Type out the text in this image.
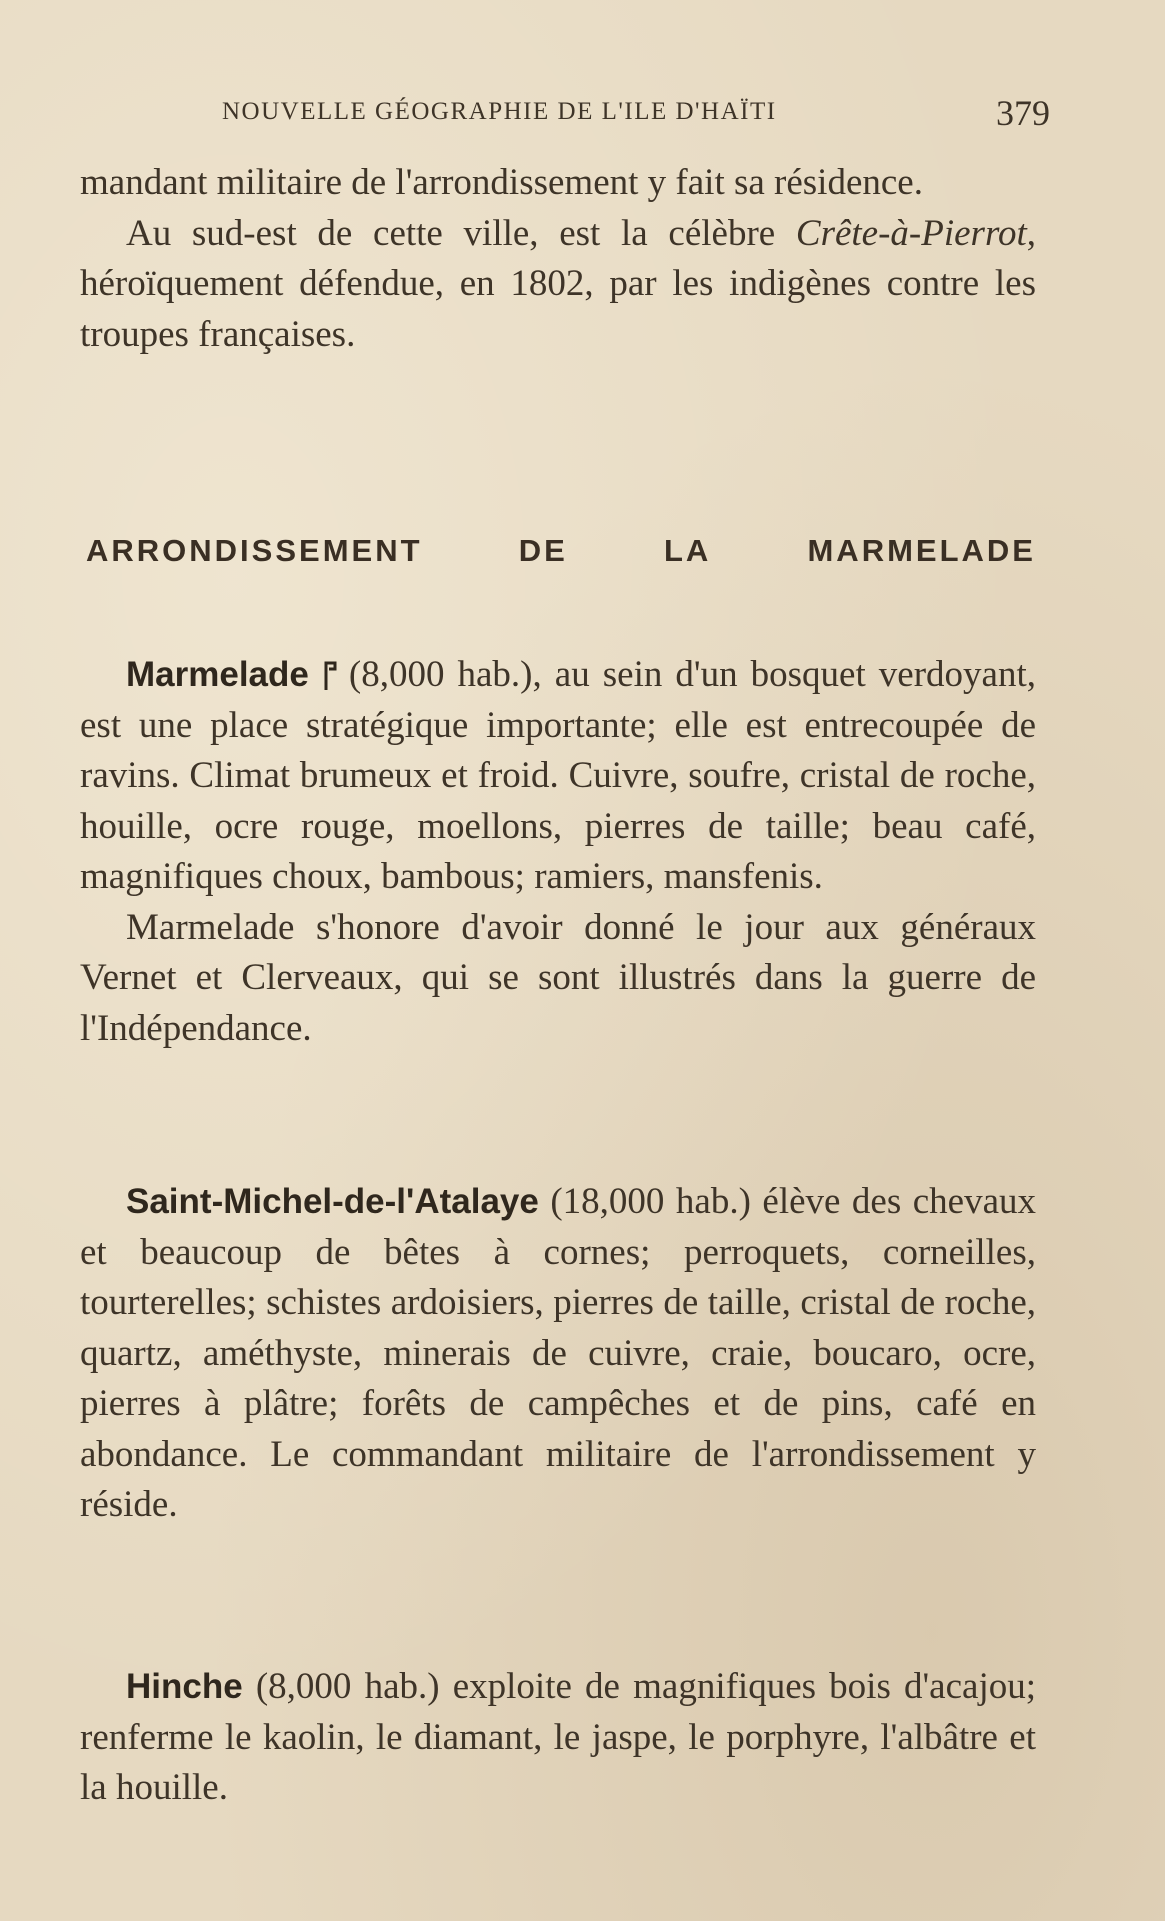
NOUVELLE GÉOGRAPHIE DE L'ILE D'HAÏTI	379

mandant militaire de l'arrondissement y fait sa résidence.

Au sud-est de cette ville, est la célèbre Crête-à-Pierrot, héroïquement défendue, en 1802, par les indigènes contre les troupes françaises.

ARRONDISSEMENT	DE	LA	MARMELADE

Marmelade (8,000 hab.), au sein d'un bosquet verdoyant, est une place stratégique importante; elle est entrecoupée de ravins. Climat brumeux et froid. Cuivre, soufre, cristal de roche, houille, ocre rouge, moellons, pierres de taille; beau café, magnifiques choux, bambous; ramiers, mansfenis.

Marmelade s'honore d'avoir donné le jour aux généraux Vernet et Clerveaux, qui se sont illustrés dans la guerre de l'Indépendance.

Saint-Michel-de-l'Atalaye (18,000 hab.) élève des chevaux et beaucoup de bêtes à cornes; perroquets, corneilles, tourterelles; schistes ardoisiers, pierres de taille, cristal de roche, quartz, améthyste, minerais de cuivre, craie, boucaro, ocre, pierres à plâtre; forêts de campêches et de pins, café en abondance. Le commandant militaire de l'arrondissement y réside.

Hinche (8,000 hab.) exploite de magnifiques bois d'acajou; renferme le kaolin, le diamant, le jaspe, le porphyre, l'albâtre et la houille.
